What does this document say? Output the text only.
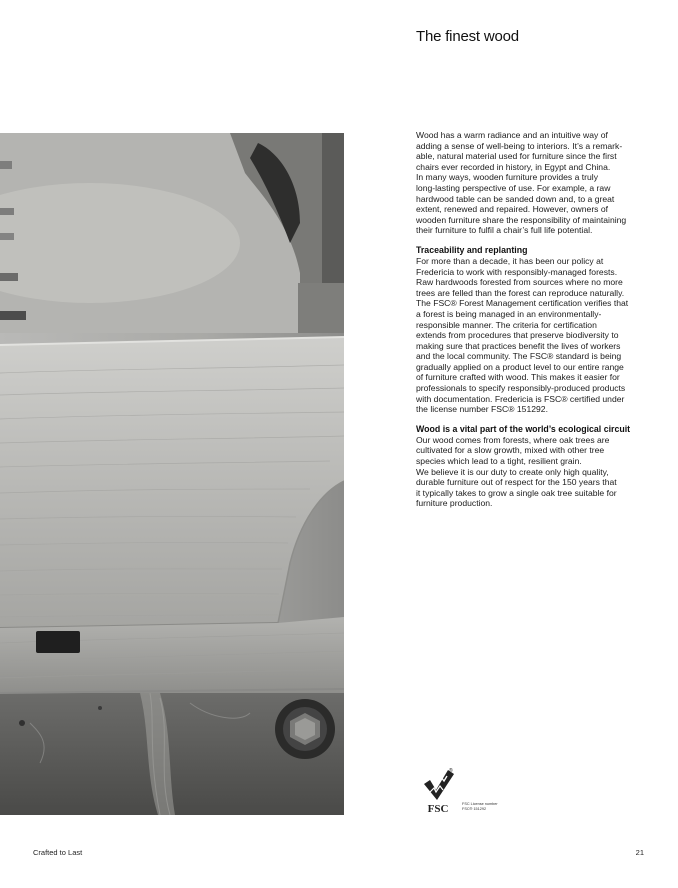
The finest wood

Wood has a warm radiance and an intuitive way of
adding a sense of well-being to interiors. It’s a remark-
able, natural material used for furniture since the first
chairs ever recorded in history, in Egypt and China.
In many ways, wooden furniture provides a truly
long-lasting perspective of use. For example, a raw
hardwood table can be sanded down and, to a great
extent, renewed and repaired. However, owners of
wooden furniture share the responsibility of maintaining
their furniture to fulfil a chair’s full life potential.

Traceability and replanting

For more than a decade, it has been our policy at
Fredericia to work with responsibly-managed forests.
Raw hardwoods forested from sources where no more
trees are felled than the forest can reproduce naturally.
The FSC® Forest Management certification verifies that
a forest is being managed in an environmentally-
responsible manner. The criteria for certification
extends from procedures that preserve biodiversity to
making sure that practices benefit the lives of workers
and the local community. The FSC® standard is being
gradually applied on a product level to our entire range
of furniture crafted with wood. This makes it easier for
professionals to specify responsibly-produced products
with documentation. Fredericia is FSC® certified under
the license number FSC® 151292.

Wood is a vital part of the world’s ecological circuit

Our wood comes from forests, where oak trees are
cultivated for a slow growth, mixed with other tree
species which lead to a tight, resilient grain.
We believe it is our duty to create only high quality,
durable furniture out of respect for the 150 years that
it typically takes to grow a single oak tree suitable for
furniture production.

FSC
®
FSC License number
FSC® 151292
Crafted to Last	21
